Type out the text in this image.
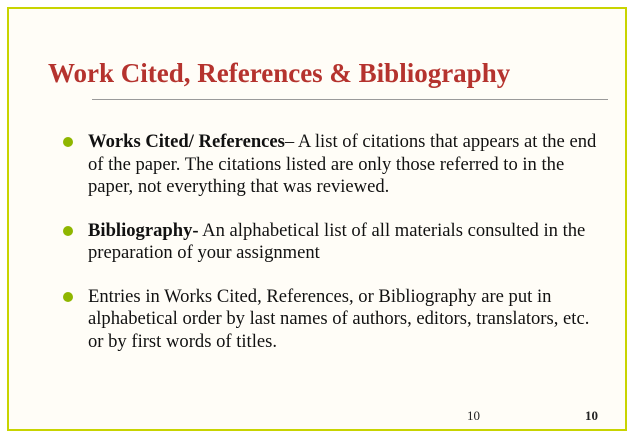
Work Cited, References & Bibliography
Works Cited/ References– A list of citations that appears at the end of the paper. The citations listed are only those referred to in the paper, not everything that was reviewed.
Bibliography- An alphabetical list of all materials consulted in the preparation of your assignment
Entries in Works Cited, References, or Bibliography are put in alphabetical order by last names of authors, editors, translators, etc. or by first words of titles.
10	10
